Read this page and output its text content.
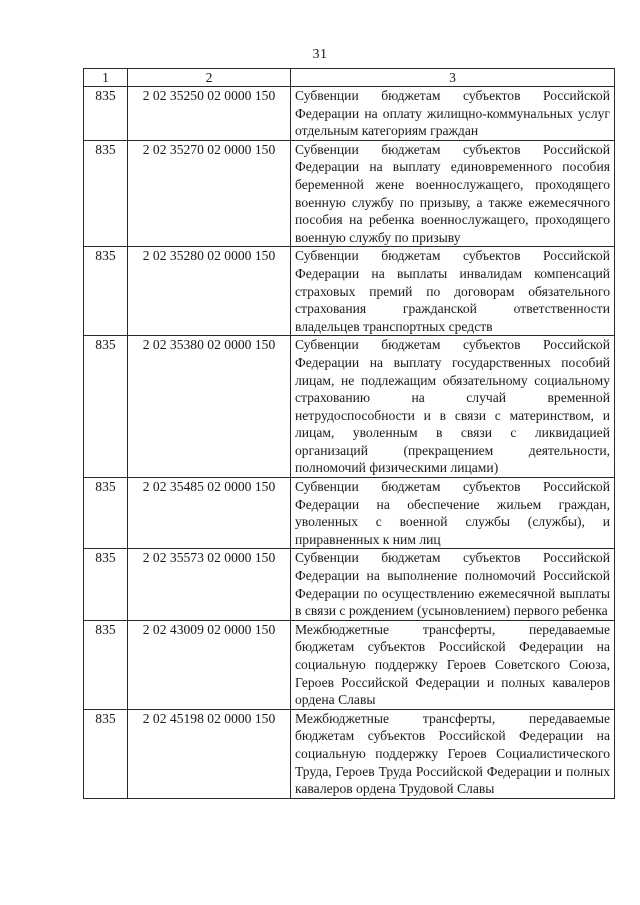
31
1	2	3
835	2 02 35250 02 0000 150	Субвенции бюджетам субъектов Российской Федерации на оплату жилищно-коммунальных услуг отдельным категориям граждан
835	2 02 35270 02 0000 150	Субвенции бюджетам субъектов Российской Федерации на выплату единовременного пособия беременной жене военнослужащего, проходящего военную службу по призыву, а также ежемесячного пособия на ребенка военнослужащего, проходящего военную службу по призыву
835	2 02 35280 02 0000 150	Субвенции бюджетам субъектов Российской Федерации на выплаты инвалидам компенсаций страховых премий по договорам обязательного страхования гражданской ответственности владельцев транспортных средств
835	2 02 35380 02 0000 150	Субвенции бюджетам субъектов Российской Федерации на выплату государственных пособий лицам, не подлежащим обязательному социальному страхованию на случай временной нетрудоспособности и в связи с материнством, и лицам, уволенным в связи с ликвидацией организаций (прекращением деятельности, полномочий физическими лицами)
835	2 02 35485 02 0000 150	Субвенции бюджетам субъектов Российской Федерации на обеспечение жильем граждан, уволенных с военной службы (службы), и приравненных к ним лиц
835	2 02 35573 02 0000 150	Субвенции бюджетам субъектов Российской Федерации на выполнение полномочий Российской Федерации по осуществлению ежемесячной выплаты в связи с рождением (усыновлением) первого ребенка
835	2 02 43009 02 0000 150	Межбюджетные трансферты, передаваемые бюджетам субъектов Российской Федерации на социальную поддержку Героев Советского Союза, Героев Российской Федерации и полных кавалеров ордена Славы
835	2 02 45198 02 0000 150	Межбюджетные трансферты, передаваемые бюджетам субъектов Российской Федерации на социальную поддержку Героев Социалистического Труда, Героев Труда Российской Федерации и полных кавалеров ордена Трудовой Славы
